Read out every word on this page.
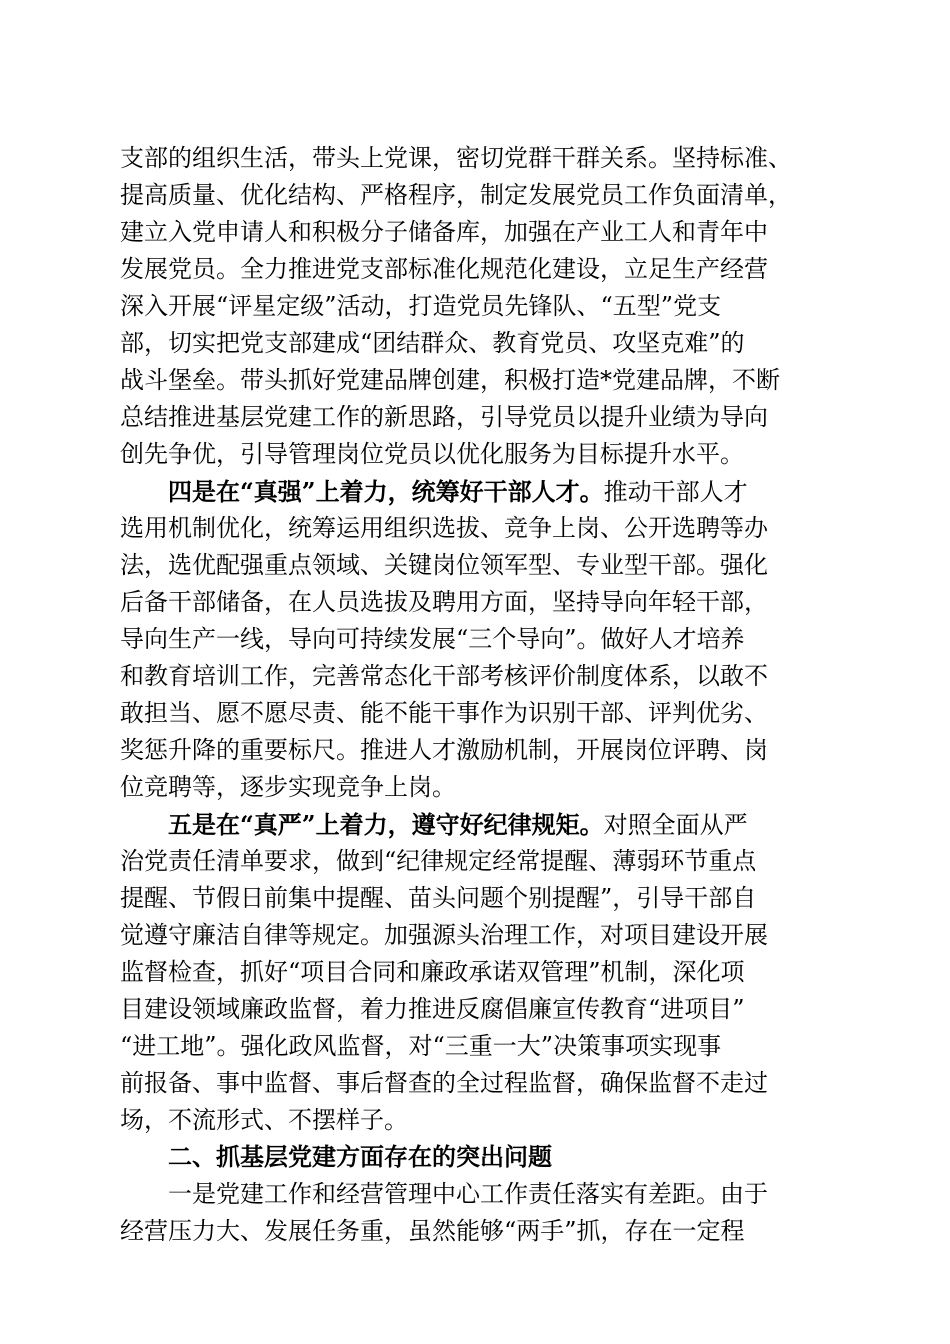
支部的组织生活，带头上党课，密切党群干群关系。坚持标准、
提高质量、优化结构、严格程序，制定发展党员工作负面清单，
建立入党申请人和积极分子储备库，加强在产业工人和青年中
发展党员。全力推进党支部标准化规范化建设，立足生产经营
深入开展“评星定级”活动，打造党员先锋队、“五型”党支
部，切实把党支部建成“团结群众、教育党员、攻坚克难”的
战斗堡垒。带头抓好党建品牌创建，积极打造*党建品牌，不断
总结推进基层党建工作的新思路，引导党员以提升业绩为导向
创先争优，引导管理岗位党员以优化服务为目标提升水平。
四是在“真强”上着力，统筹好干部人才。推动干部人才
选用机制优化，统筹运用组织选拔、竞争上岗、公开选聘等办
法，选优配强重点领域、关键岗位领军型、专业型干部。强化
后备干部储备，在人员选拔及聘用方面，坚持导向年轻干部，
导向生产一线，导向可持续发展“三个导向”。做好人才培养
和教育培训工作，完善常态化干部考核评价制度体系，以敢不
敢担当、愿不愿尽责、能不能干事作为识别干部、评判优劣、
奖惩升降的重要标尺。推进人才激励机制，开展岗位评聘、岗
位竞聘等，逐步实现竞争上岗。
五是在“真严”上着力，遵守好纪律规矩。对照全面从严
治党责任清单要求，做到“纪律规定经常提醒、薄弱环节重点
提醒、节假日前集中提醒、苗头问题个别提醒”，引导干部自
觉遵守廉洁自律等规定。加强源头治理工作，对项目建设开展
监督检查，抓好“项目合同和廉政承诺双管理”机制，深化项
目建设领域廉政监督，着力推进反腐倡廉宣传教育“进项目”
“进工地”。强化政风监督，对“三重一大”决策事项实现事
前报备、事中监督、事后督查的全过程监督，确保监督不走过
场，不流形式、不摆样子。
二、抓基层党建方面存在的突出问题
一是党建工作和经营管理中心工作责任落实有差距。由于
经营压力大、发展任务重，虽然能够“两手”抓，存在一定程
